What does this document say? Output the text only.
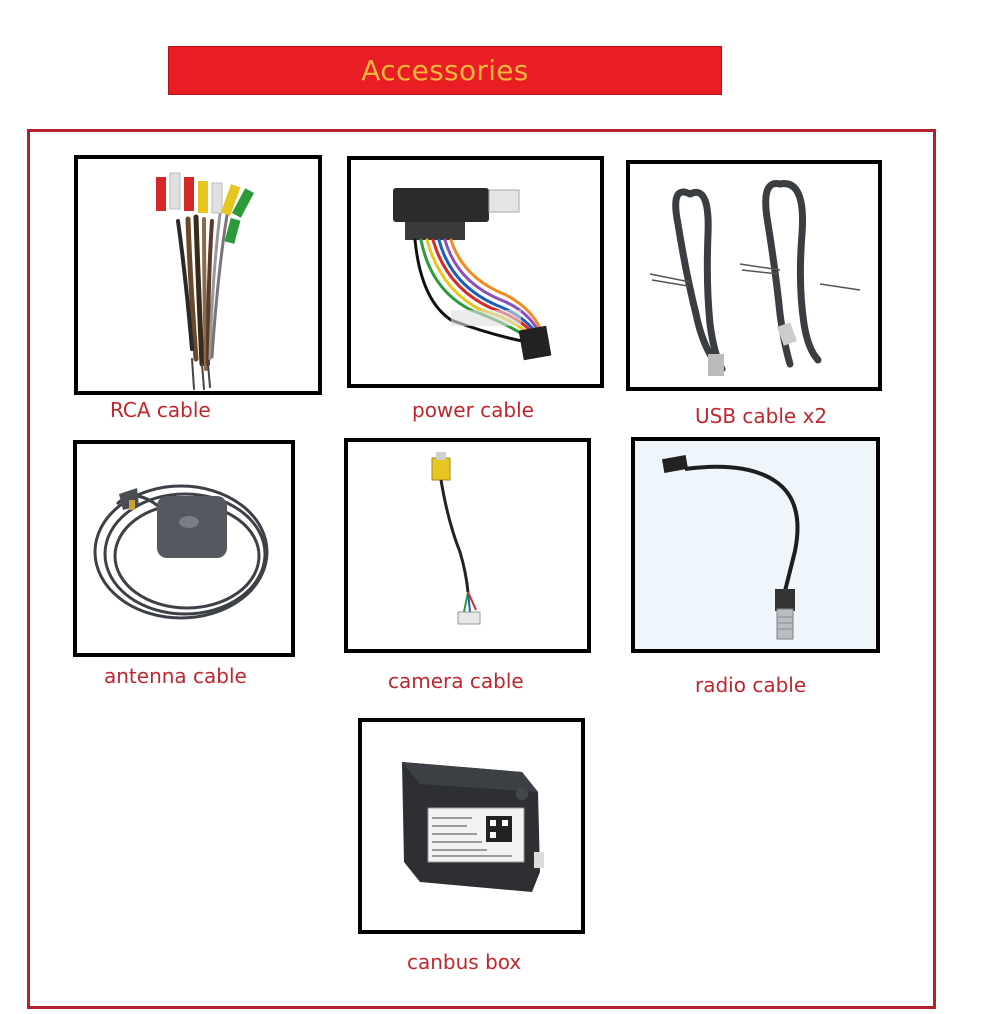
Accessories
RCA cable	power cable	USB cable x2
antenna cable	camera cable	radio cable
canbus box
